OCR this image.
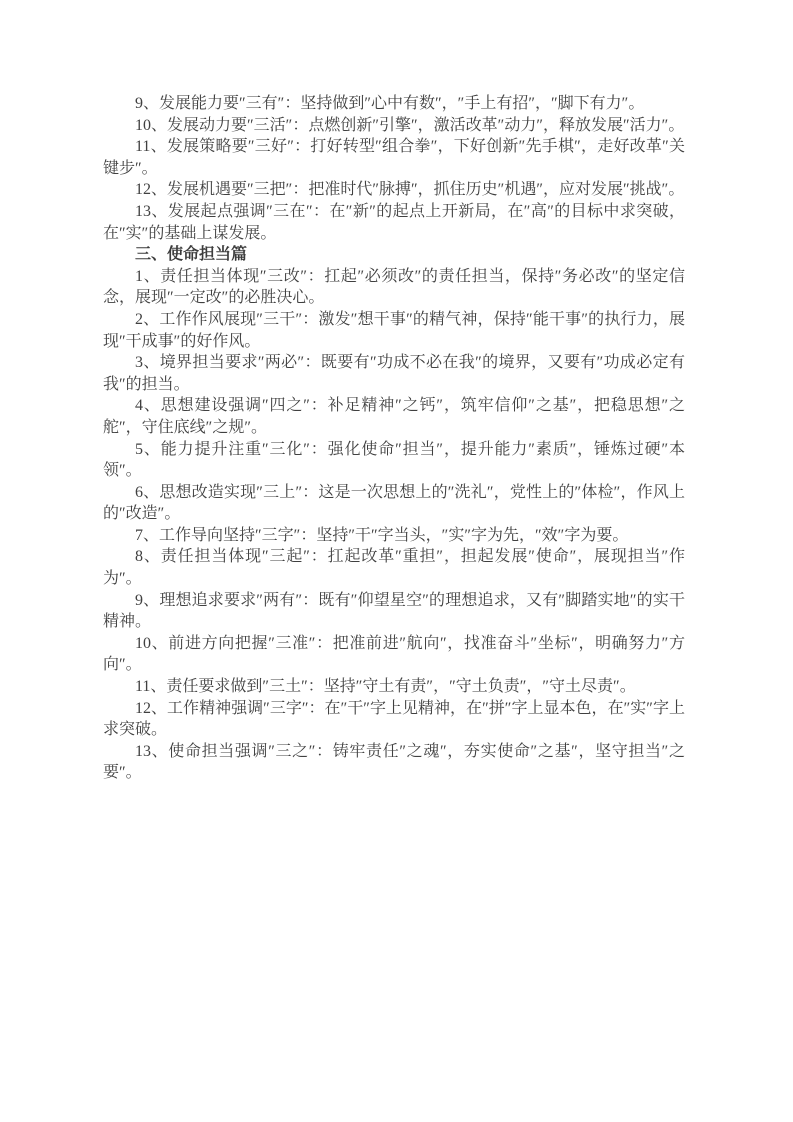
9、发展能力要″三有″：坚持做到″心中有数″，″手上有招″，″脚下有力″。

10、发展动力要″三活″：点燃创新″引擎″，激活改革″动力″，释放发展″活力″。

11、发展策略要″三好″：打好转型″组合拳″，下好创新″先手棋″，走好改革″关键步″。

12、发展机遇要″三把″：把准时代″脉搏″，抓住历史″机遇″，应对发展″挑战″。

13、发展起点强调″三在″：在″新″的起点上开新局，在″高″的目标中求突破，在″实″的基础上谋发展。

三、使命担当篇

1、责任担当体现″三改″：扛起″必须改″的责任担当，保持″务必改″的坚定信念，展现″一定改″的必胜决心。

2、工作作风展现″三干″：激发″想干事″的精气神，保持″能干事″的执行力，展现″干成事″的好作风。

3、境界担当要求″两必″：既要有″功成不必在我″的境界，又要有″功成必定有我″的担当。

4、思想建设强调″四之″：补足精神″之钙″，筑牢信仰″之基″，把稳思想″之舵″，守住底线″之规″。

5、能力提升注重″三化″：强化使命″担当″，提升能力″素质″，锤炼过硬″本领″。

6、思想改造实现″三上″：这是一次思想上的″洗礼″，党性上的″体检″，作风上的″改造″。

7、工作导向坚持″三字″：坚持″干″字当头，″实″字为先，″效″字为要。

8、责任担当体现″三起″：扛起改革″重担″，担起发展″使命″，展现担当″作为″。

9、理想追求要求″两有″：既有″仰望星空″的理想追求，又有″脚踏实地″的实干精神。

10、前进方向把握″三准″：把准前进″航向″，找准奋斗″坐标″，明确努力″方向″。

11、责任要求做到″三土″：坚持″守土有责″，″守土负责″，″守土尽责″。

12、工作精神强调″三字″：在″干″字上见精神，在″拼″字上显本色，在″实″字上求突破。

13、使命担当强调″三之″：铸牢责任″之魂″，夯实使命″之基″，坚守担当″之要″。
